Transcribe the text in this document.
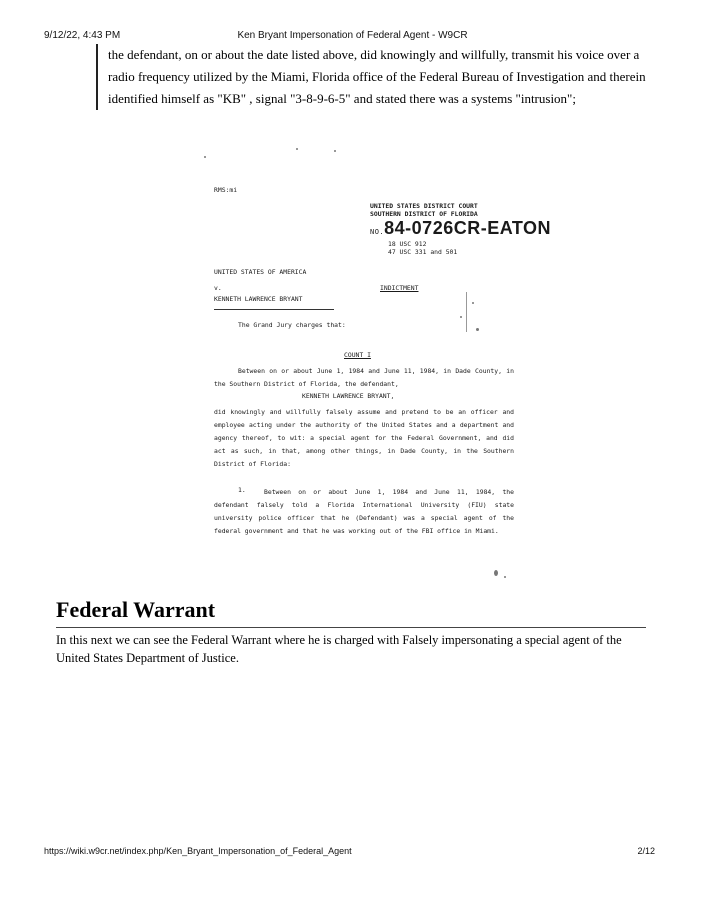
9/12/22, 4:43 PM	Ken Bryant Impersonation of Federal Agent - W9CR
the defendant, on or about the date listed above, did knowingly and willfully, transmit his voice over a radio frequency utilized by the Miami, Florida office of the Federal Bureau of Investigation and therein identified himself as "KB" , signal "3-8-9-6-5" and stated there was a systems "intrusion";
RMS:mi
UNITED STATES DISTRICT COURT
SOUTHERN DISTRICT OF FLORIDA
NO.84-0726CR-EATON
18 USC 912
47 USC 331 and 501
UNITED STATES OF AMERICA
v.	INDICTMENT
KENNETH LAWRENCE BRYANT
The Grand Jury charges that:
COUNT I
Between on or about June 1, 1984 and June 11, 1984, in Dade County, in the Southern District of Florida, the defendant,
KENNETH LAWRENCE BRYANT,
did knowingly and willfully falsely assume and pretend to be an officer and employee acting under the authority of the United States and a department and agency thereof, to wit: a special agent for the Federal Government, and did act as such, in that, among other things, in Dade County, in the Southern District of Florida:
1.	Between on or about June 1, 1984 and June 11, 1984, the defendant falsely told a Florida International University (FIU) state university police officer that he (Defendant) was a special agent of the federal government and that he was working out of the FBI office in Miami.
Federal Warrant
In this next we can see the Federal Warrant where he is charged with Falsely impersonating a special agent of the United States Department of Justice.
https://wiki.w9cr.net/index.php/Ken_Bryant_Impersonation_of_Federal_Agent	2/12
